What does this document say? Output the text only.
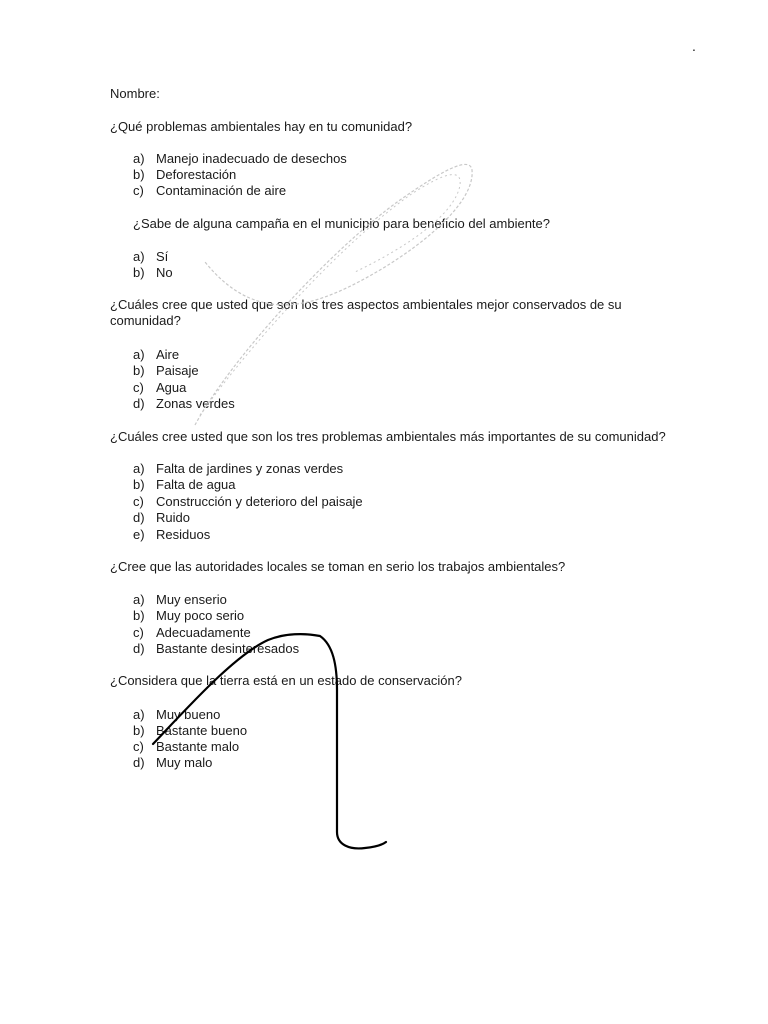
.
Nombre:
¿Qué problemas ambientales hay en tu comunidad?
a) Manejo inadecuado de desechos
b) Deforestación
c) Contaminación de aire
¿Sabe de alguna campaña en el municipio para beneficio del ambiente?
a) Sí
b) No
¿Cuáles cree que usted que son los tres aspectos ambientales mejor conservados de su comunidad?
a) Aire
b) Paisaje
c) Agua
d) Zonas verdes
¿Cuáles cree usted que son los tres problemas ambientales más importantes de su comunidad?
a) Falta de jardines y zonas verdes
b) Falta de agua
c) Construcción y deterioro del paisaje
d) Ruido
e) Residuos
¿Cree que las autoridades locales se toman en serio los trabajos ambientales?
a) Muy enserio
b) Muy poco serio
c) Adecuadamente
d) Bastante desinteresados
¿Considera que la tierra está en un estado de conservación?
a) Muy bueno
b) Bastante bueno
c) Bastante malo
d) Muy malo
